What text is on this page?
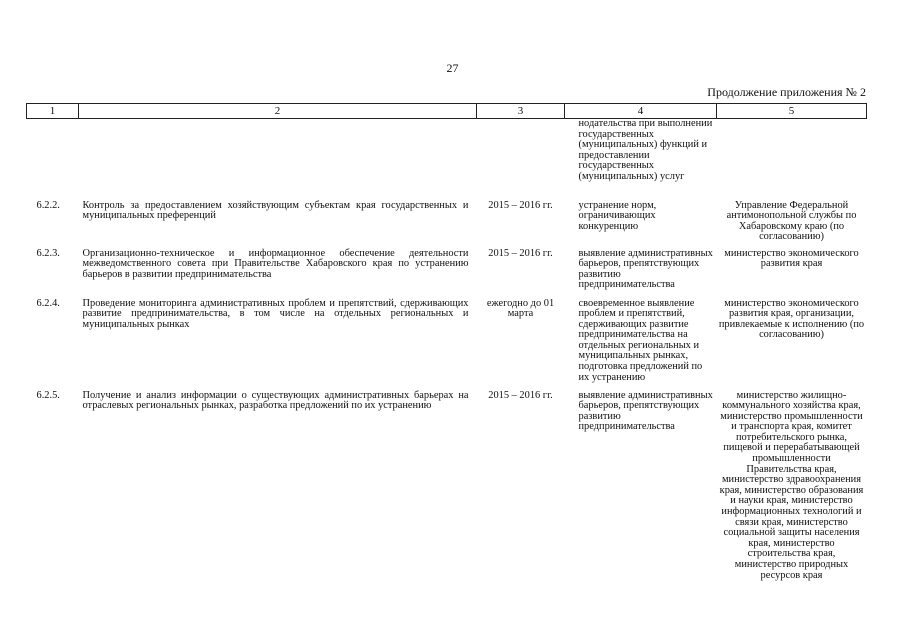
27
Продолжение приложения № 2
1	2	3	4	5
			нодательства при выполнении государственных (муниципальных) функций и предоставлении государственных (муниципальных) услуг	
6.2.2.	Контроль за предоставлением хозяйствующим субъектам края государственных и муниципальных преференций	2015 – 2016 гг.	устранение норм, ограничивающих конкуренцию	Управление Федеральной антимонопольной службы по Хабаровскому краю (по согласованию)
6.2.3.	Организационно-техническое и информационное обеспечение деятельности межведомственного совета при Правительстве Хабаровского края по устранению барьеров в развитии предпринимательства	2015 – 2016 гг.	выявление административных барьеров, препятствующих развитию предпринимательства	министерство экономического развития края
6.2.4.	Проведение мониторинга административных проблем и препятствий, сдерживающих развитие предпринимательства, в том числе на отдельных региональных и муниципальных рынках	ежегодно до 01 марта	своевременное выявление проблем и препятствий, сдерживающих развитие предпринимательства на отдельных региональных и муниципальных рынках, подготовка предложений по их устранению	министерство экономического развития края, организации, привлекаемые к исполнению (по согласованию)
6.2.5.	Получение и анализ информации о существующих административных барьерах на отраслевых региональных рынках, разработка предложений по их устранению	2015 – 2016 гг.	выявление административных барьеров, препятствующих развитию предпринимательства	министерство жилищно-коммунального хозяйства края, министерство промышленности и транспорта края, комитет потребительского рынка, пищевой и перерабатывающей промышленности Правительства края, министерство здравоохранения края, министерство образования и науки края, министерство информационных технологий и связи края, министерство социальной защиты населения края, министерство строительства края, министерство природных ресурсов края
